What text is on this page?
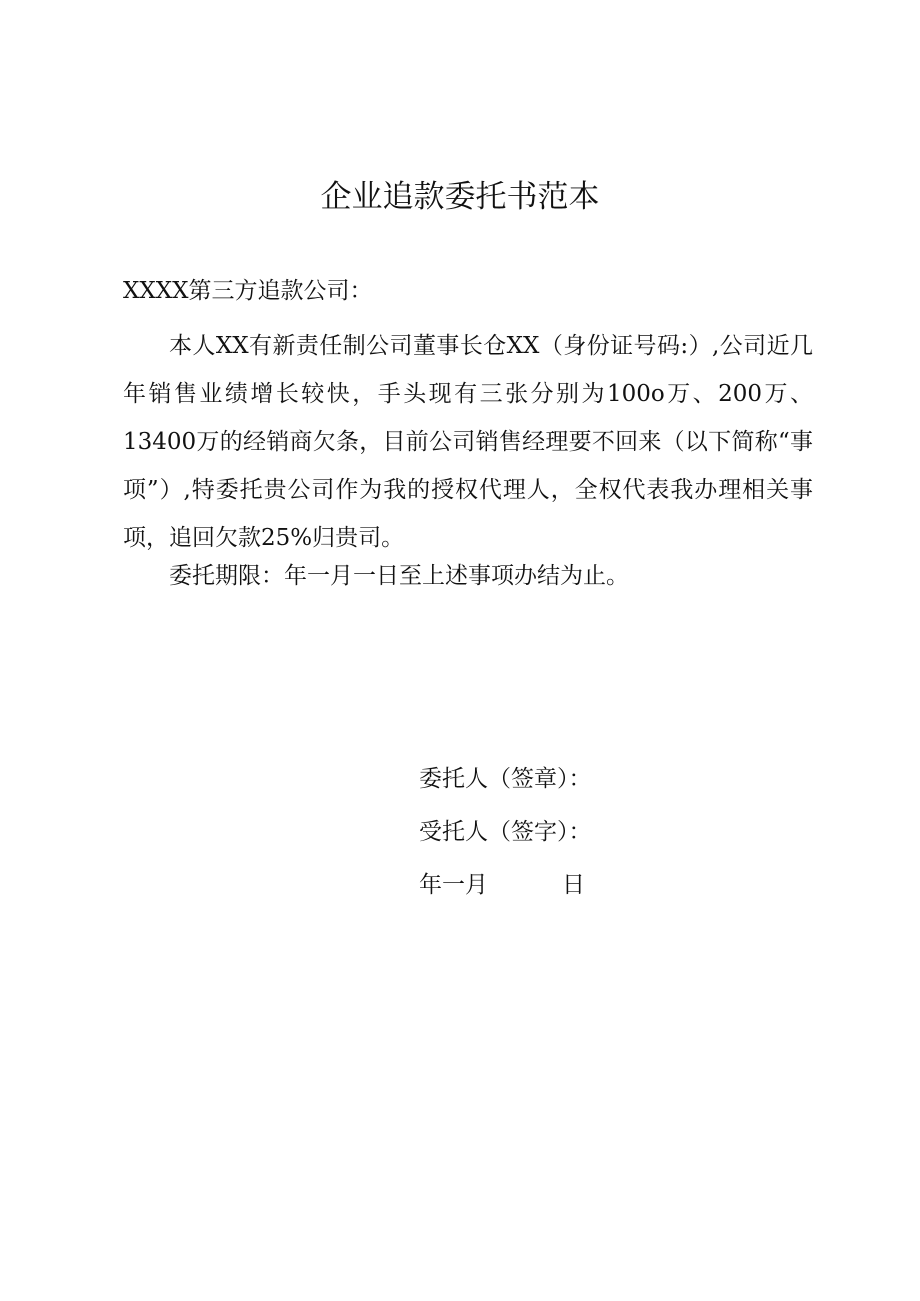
企业追款委托书范本
XXXX第三方追款公司：
本人XX有新责任制公司董事长仓XX（身份证号码:）,公司近几年销售业绩增长较快，手头现有三张分别为100o万、200万、13400万的经销商欠条，目前公司销售经理要不回来（以下简称“事项”）,特委托贵公司作为我的授权代理人，全权代表我办理相关事项，追回欠款25%归贵司。
委托期限：年一月一日至上述事项办结为止。
委托人（签章）：
受托人（签字）：
年一月	日
